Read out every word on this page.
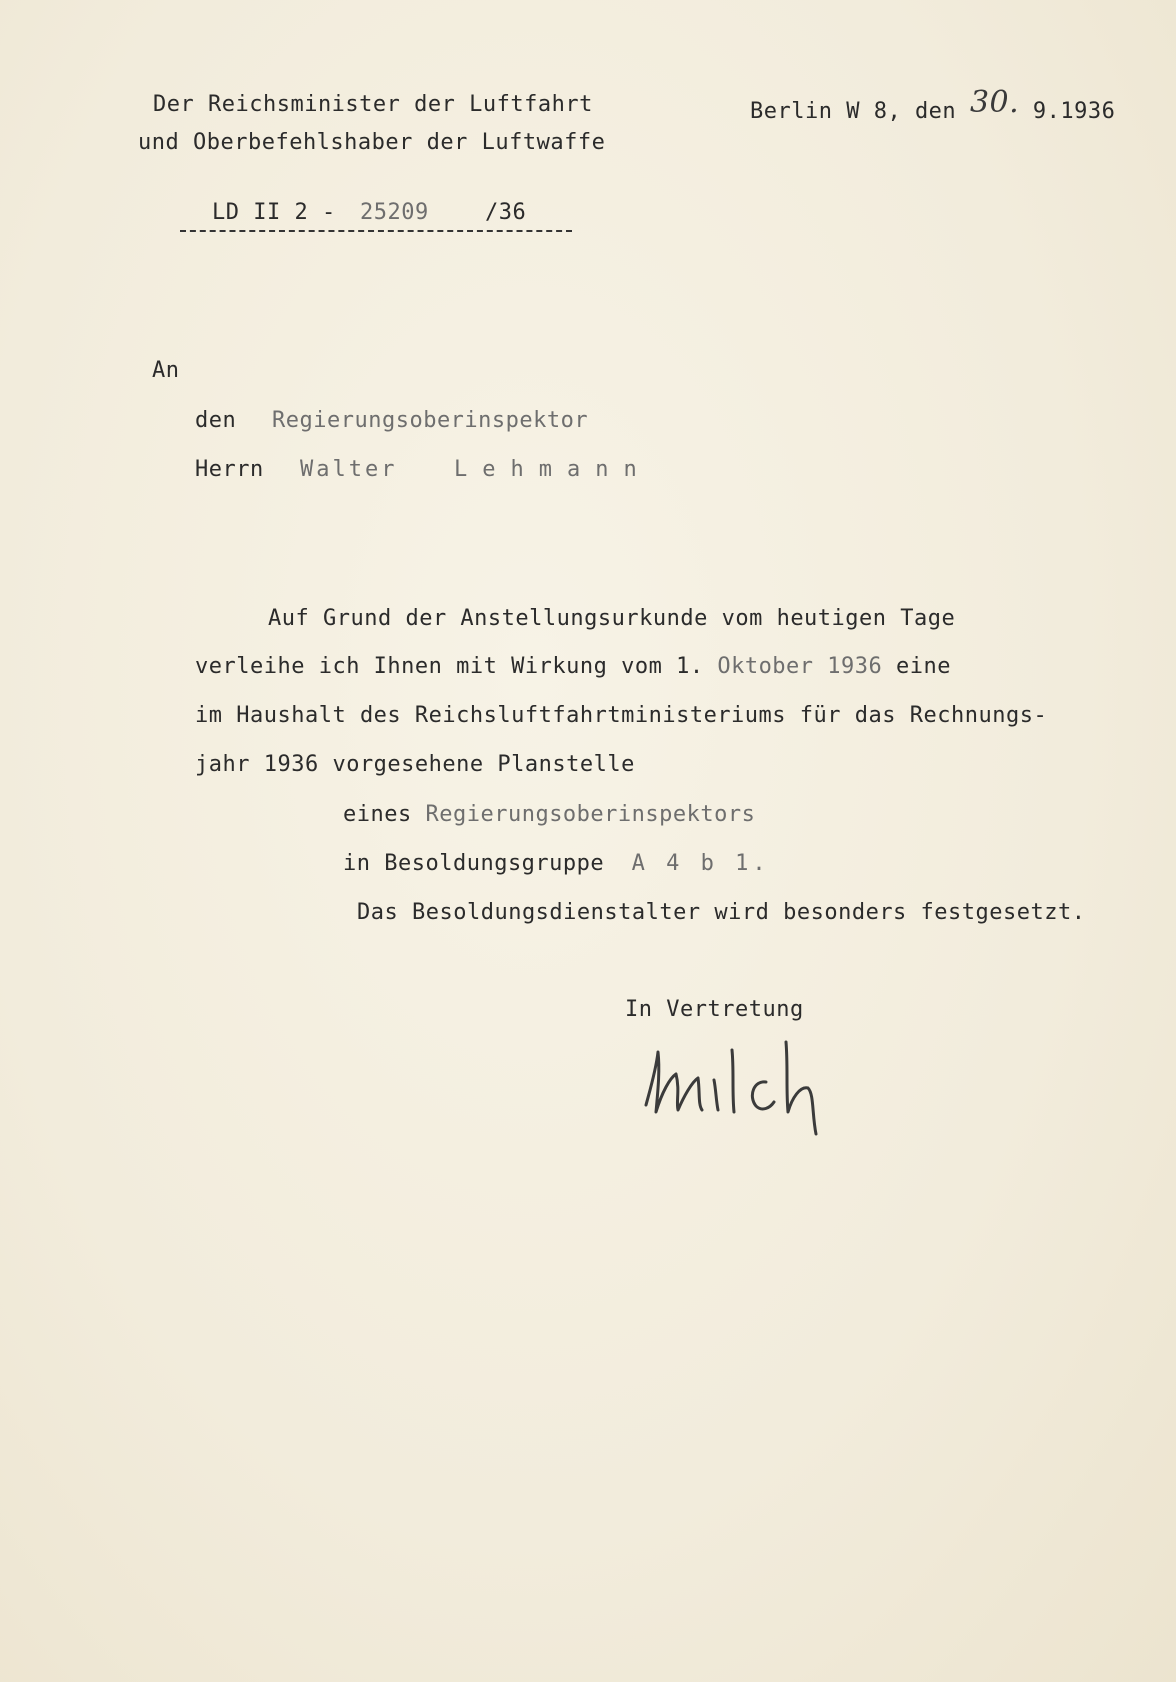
Der Reichsminister der Luftfahrt
und Oberbefehlshaber der Luftwaffe
Berlin W 8, den 30. 9.1936

LD II 2 -

25209

	/36

An
den Regierungsoberinspektor
Herrn Walter	Lehmann
Auf Grund der Anstellungsurkunde vom heutigen Tage
verleihe ich Ihnen mit Wirkung vom 1. Oktober 1936 eine
im Haushalt des Reichsluftfahrtministeriums für das Rechnungs-
jahr 1936 vorgesehene Planstelle
eines Regierungsoberinspektors
in Besoldungsgruppe A 4 b 1.
Das Besoldungsdienstalter wird besonders festgesetzt.
In Vertretung
